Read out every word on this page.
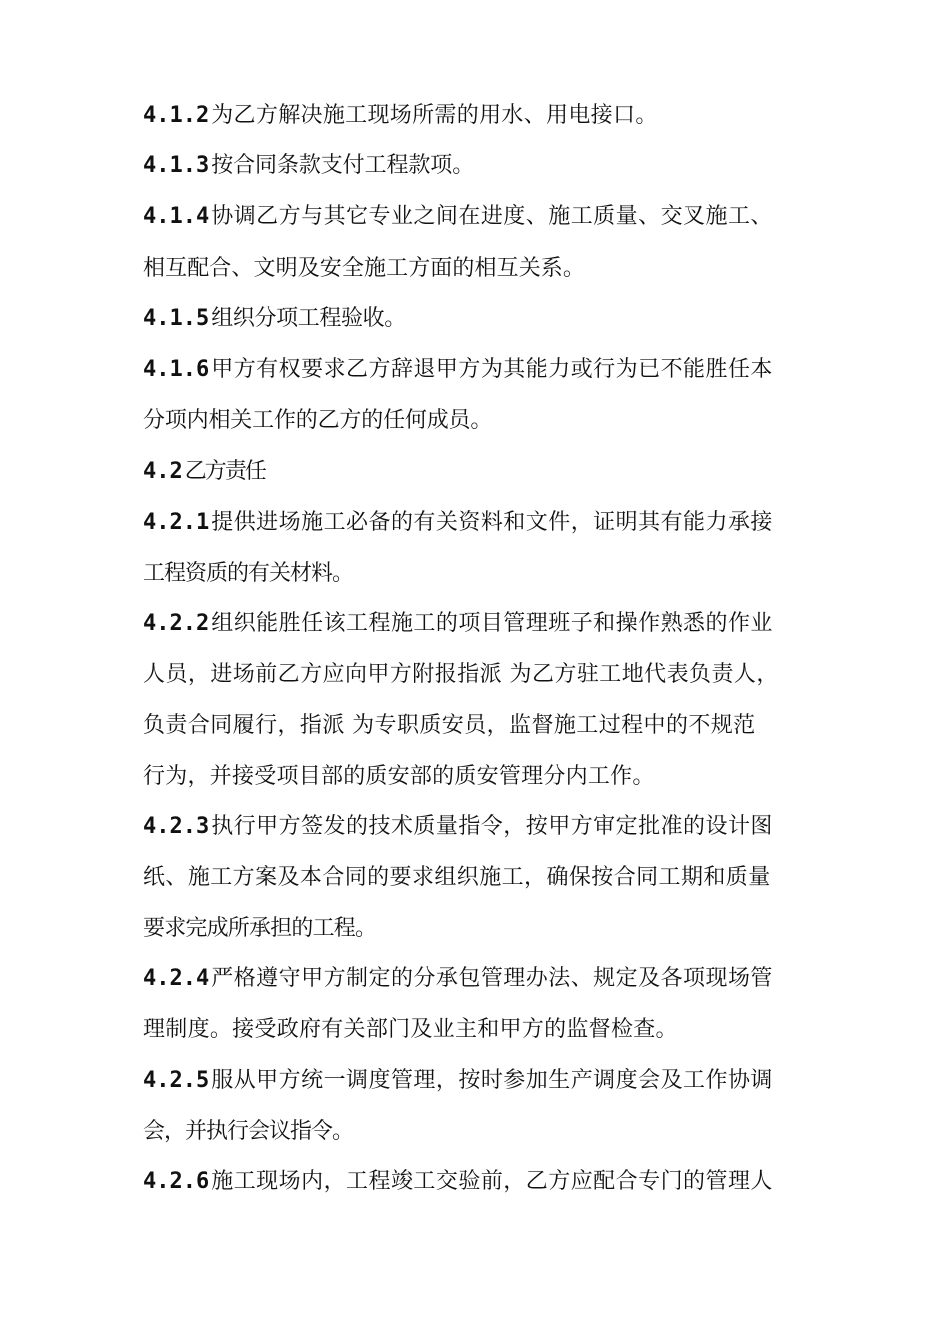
4.1.2为乙方解决施工现场所需的用水、用电接口。
4.1.3按合同条款支付工程款项。
4.1.4协调乙方与其它专业之间在进度、施工质量、交叉施工、
相互配合、文明及安全施工方面的相互关系。
4.1.5组织分项工程验收。
4.1.6甲方有权要求乙方辞退甲方为其能力或行为已不能胜任本
分项内相关工作的乙方的任何成员。
4.2乙方责任
4.2.1提供进场施工必备的有关资料和文件，证明其有能力承接
工程资质的有关材料。
4.2.2组织能胜任该工程施工的项目管理班子和操作熟悉的作业
人员，进场前乙方应向甲方附报指派 为乙方驻工地代表负责人，
负责合同履行，指派 为专职质安员，监督施工过程中的不规范
行为，并接受项目部的质安部的质安管理分内工作。
4.2.3执行甲方签发的技术质量指令，按甲方审定批准的设计图
纸、施工方案及本合同的要求组织施工，确保按合同工期和质量
要求完成所承担的工程。
4.2.4严格遵守甲方制定的分承包管理办法、规定及各项现场管
理制度。接受政府有关部门及业主和甲方的监督检查。
4.2.5服从甲方统一调度管理，按时参加生产调度会及工作协调
会，并执行会议指令。
4.2.6施工现场内，工程竣工交验前，乙方应配合专门的管理人
